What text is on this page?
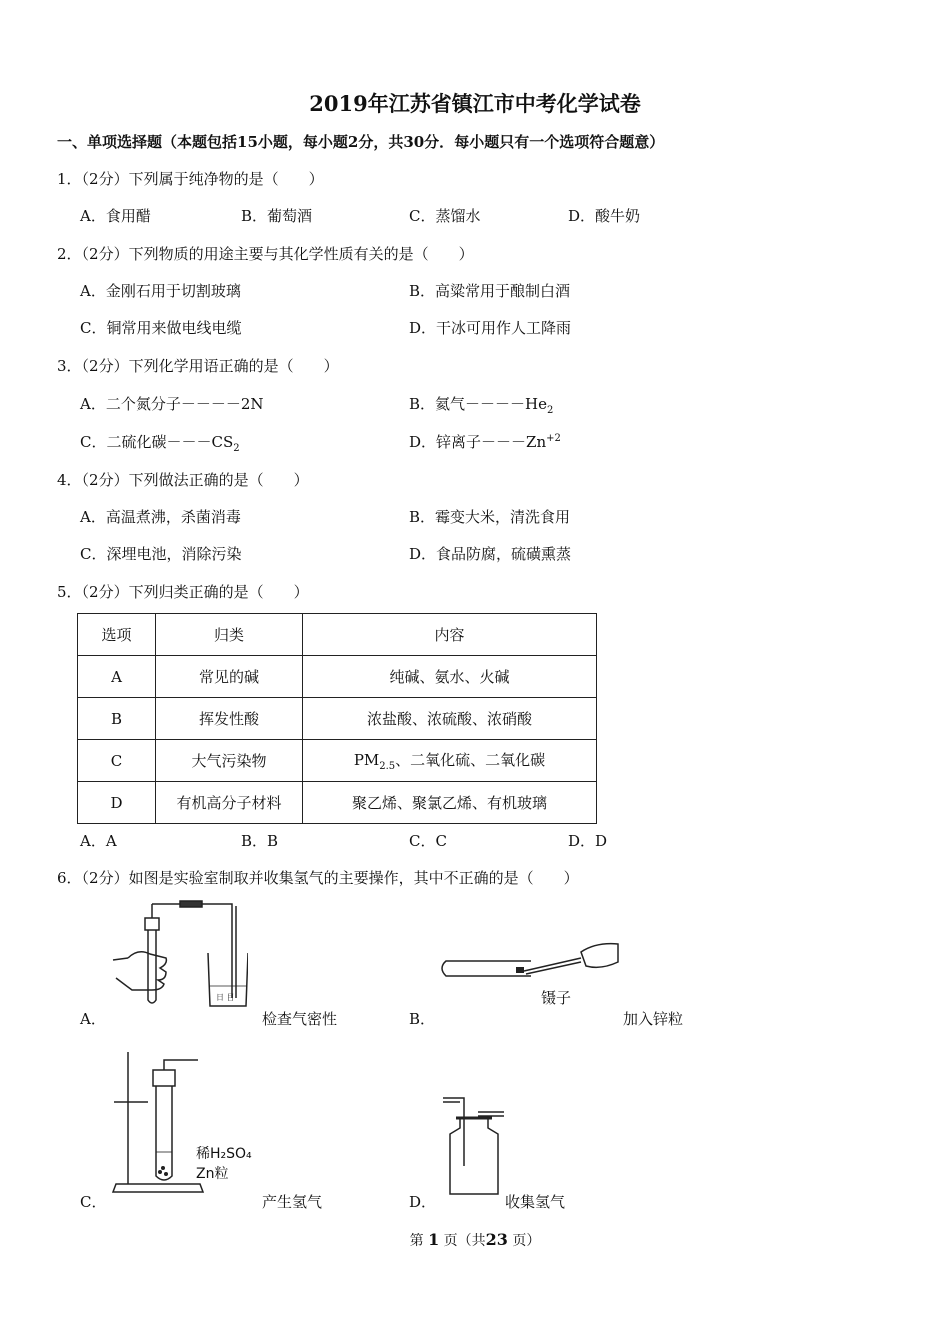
2019年江苏省镇江市中考化学试卷
一、单项选择题（本题包括15小题，每小题2分，共30分．每小题只有一个选项符合题意）
1．（2分）下列属于纯净物的是（　　）
A．食用醋	B．葡萄酒	C．蒸馏水	D．酸牛奶
2．（2分）下列物质的用途主要与其化学性质有关的是（　　）
A．金刚石用于切割玻璃	B．高粱常用于酿制白酒
C．铜常用来做电线电缆	D．干冰可用作人工降雨
3．（2分）下列化学用语正确的是（　　）
A．二个氮分子－－－－2N	B．氦气$----He_2$
C．二硫化碳$---CS_2$	D．锌离子$---Zn^{+2}$
4．（2分）下列做法正确的是（　　）
A．高温煮沸，杀菌消毒	B．霉变大米，清洗食用
C．深埋电池，消除污染	D．食品防腐，硫磺熏蒸
5．（2分）下列归类正确的是（　　）
选项	归类	内容
A	常见的碱	纯碱、氨水、火碱
B	挥发性酸	浓盐酸、浓硫酸、浓硝酸
C	大气污染物	$PM_{2.5}$、二氧化硫、二氧化碳
D	有机高分子材料	聚乙烯、聚氯乙烯、有机玻璃
A．A	B．B	C．C	D．D
6．（2分）如图是实验室制取并收集氢气的主要操作，其中不正确的是（　　）
日 目
A．	检查气密性
镊子
B．	加入锌粒
稀H₂SO₄
Zn粒
C．	产生氢气	D．	收集氢气
第 1 页（共23 页）
